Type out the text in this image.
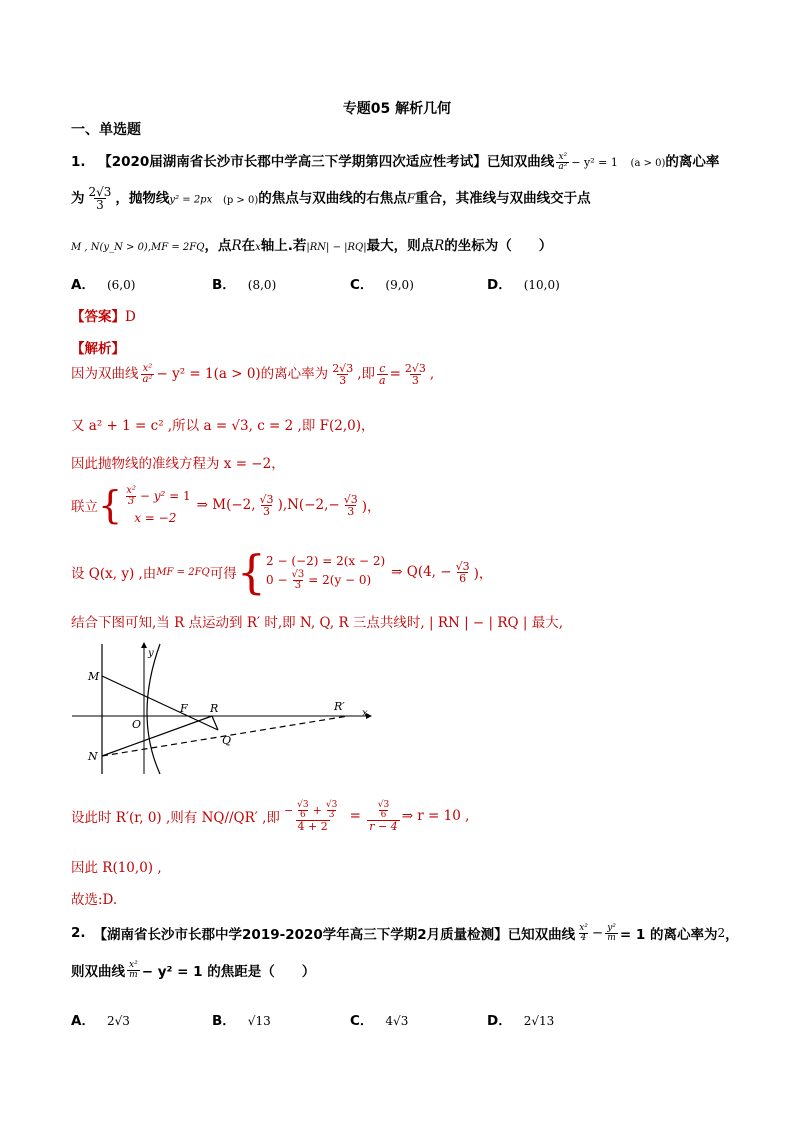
专题05 解析几何
一、单选题
1. 【2020届湖南省长沙市长郡中学高三下学期第四次适应性考试】已知双曲线 $\frac{\text{x²}}{\text{a²}} - y^2 = 1$ (a > 0)的离心率
为 $\frac{2√3}{3}$ ，抛物线y² = 2px (p > 0)的焦点与双曲线的右焦点F重合，其准线与双曲线交于点
M , N(y_N > 0),MF = 2FQ，点R在x轴上.若|RN| − |RQ|最大，则点R的坐标为（　　）
A． (6,0)	B． (8,0)	C． (9,0)	D． (10,0)
【答案】D
【解析】
因为双曲线 $\frac{\text{x²}}{\text{a²}} - y^2 = 1(a > 0)$的离心率为 $\frac{2√3}{3}$ ,即 $\frac{c}{a} = \frac{2√3}{3}$ ,
又 a² + 1 = c² ,所以 a = √3, c = 2 ,即 F(2,0)，
因此抛物线的准线方程为 x = −2，
联立 { $\frac{\text{x²}}{3} - y^2$
= 1
x = −2
⇒ M(−2, $\frac{√3}{3} ),N(-2,- \frac{√3}{3}$ )，
设 Q(x, y) ,由 MF = 2FQ 可得 { 2 − (−2) = 2(x − 2)
$0 - \frac{√3}{3} = 2(y - 0)$ ⇒ Q(4, − $\frac{√3}{6}$ )，
结合下图可知,当 R 点运动到 R′ 时,即 N, Q, R 三点共线时, | RN | − | RQ | 最大,
M
N
O
F R
Q
R′
x
y
设此时 R′(r, 0) ,则有 NQ//QR′ ,即 $\frac{- \frac{√3}{6} + \frac{√3}{3}}{4 + 2} = \frac{\frac{√3}{6}}{r - 4}$ ⇒ r = 10 ,
因此 R(10,0) ,
故选:D.
2. 【湖南省长沙市长郡中学2019-2020学年高三下学期2月质量检测】 已知双曲线 $\frac{\text{x²}}{4} - \frac{\text{y²}}{m} = 1$ 的离心率为 2 ，
则双曲线 $\frac{\text{x²}}{m} - y^2 = 1$ 的焦距是（　　）
A． 2√3	B． √13	C． 4√3	D． 2√13
